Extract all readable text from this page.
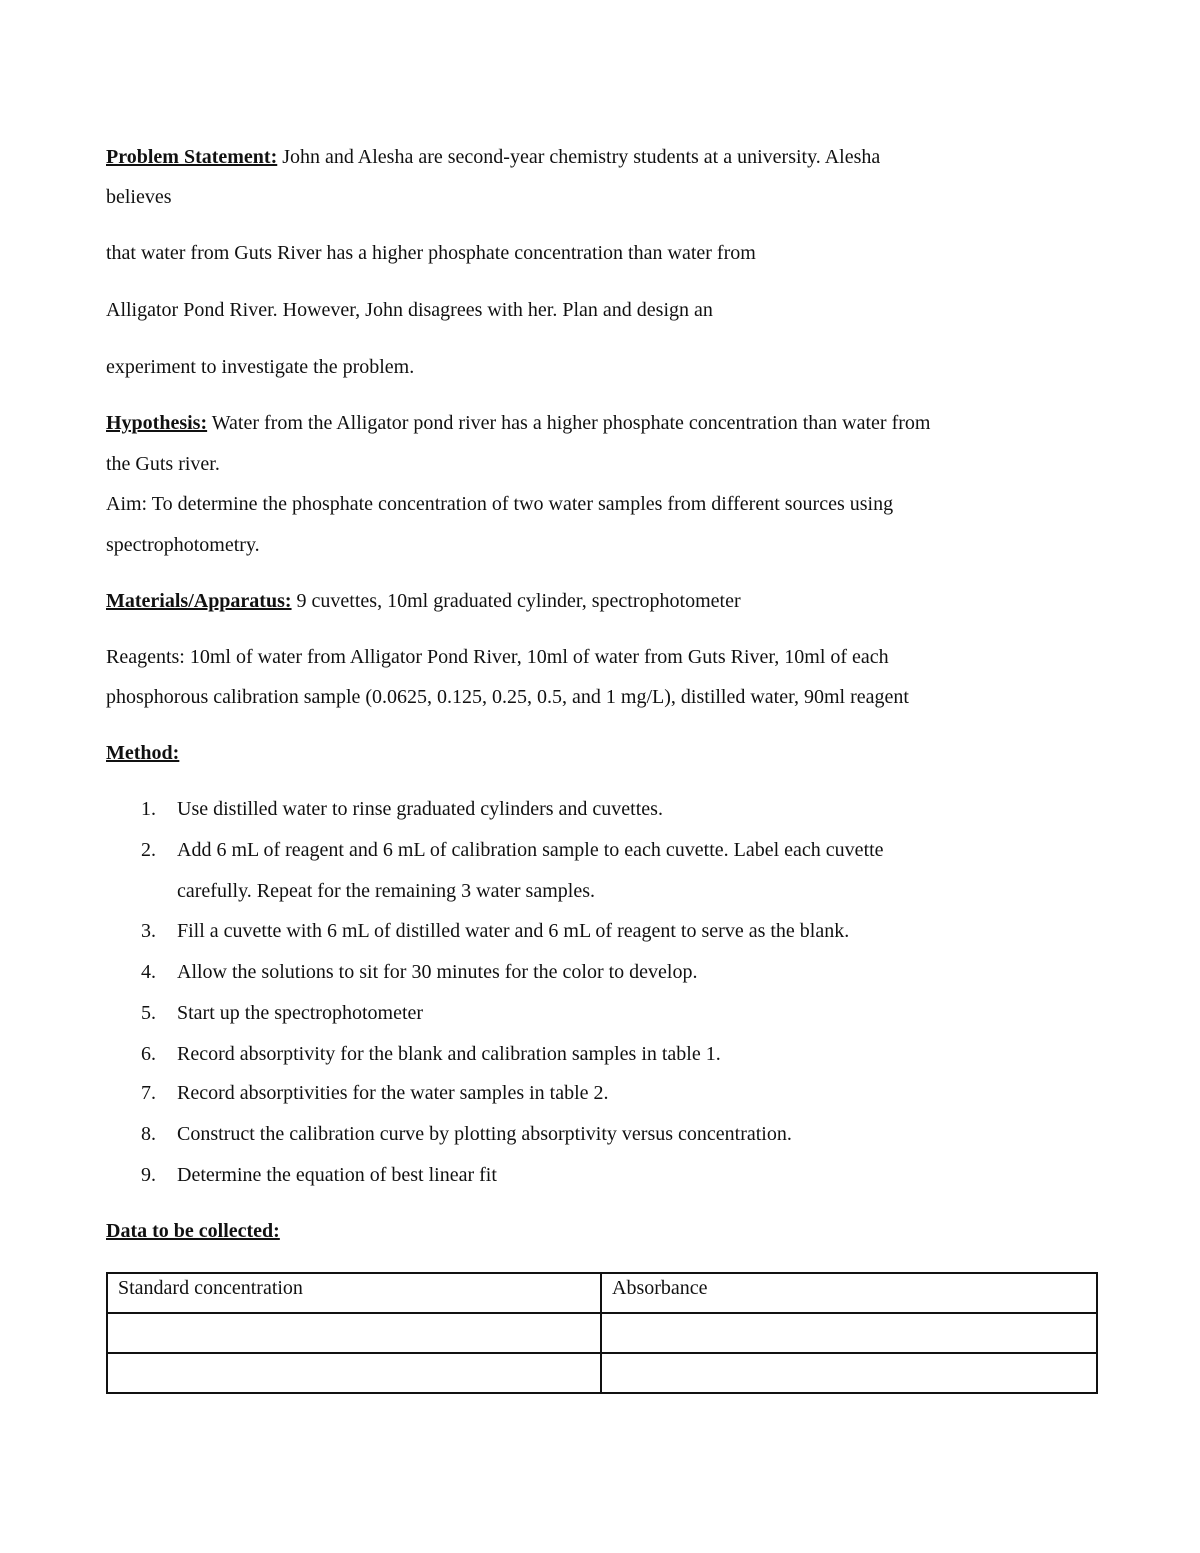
Problem Statement: John and Alesha are second-year chemistry students at a university. Alesha
believes
that water from Guts River has a higher phosphate concentration than water from
Alligator Pond River. However, John disagrees with her. Plan and design an
experiment to investigate the problem.
Hypothesis: Water from the Alligator pond river has a higher phosphate concentration than water from
the Guts river.
Aim: To determine the phosphate concentration of two water samples from different sources using
spectrophotometry.
Materials/Apparatus: 9 cuvettes, 10ml graduated cylinder, spectrophotometer
Reagents: 10ml of water from Alligator Pond River, 10ml of water from Guts River, 10ml of each
phosphorous calibration sample (0.0625, 0.125, 0.25, 0.5, and 1 mg/L), distilled water, 90ml reagent
Method:
1. Use distilled water to rinse graduated cylinders and cuvettes.
2. Add 6 mL of reagent and 6 mL of calibration sample to each cuvette. Label each cuvette
carefully. Repeat for the remaining 3 water samples.
3. Fill a cuvette with 6 mL of distilled water and 6 mL of reagent to serve as the blank.
4. Allow the solutions to sit for 30 minutes for the color to develop.
5. Start up the spectrophotometer
6. Record absorptivity for the blank and calibration samples in table 1.
7. Record absorptivities for the water samples in table 2.
8. Construct the calibration curve by plotting absorptivity versus concentration.
9. Determine the equation of best linear fit
Data to be collected:
Standard concentration	Absorbance
